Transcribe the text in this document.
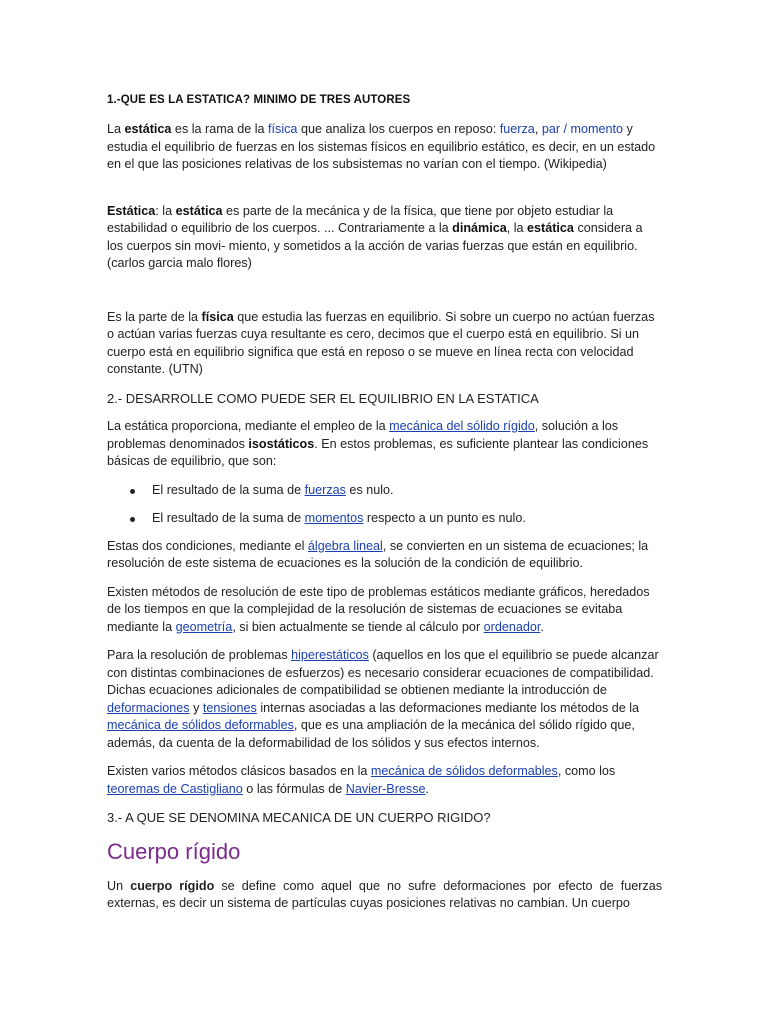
1.-QUE ES LA ESTATICA? MINIMO DE TRES AUTORES

La estática es la rama de la física que analiza los cuerpos en reposo: fuerza, par / momento y estudia el equilibrio de fuerzas en los sistemas físicos en equilibrio estático, es decir, en un estado en el que las posiciones relativas de los subsistemas no varían con el tiempo. (Wikipedia)

Estática: la estática es parte de la mecánica y de la física, que tiene por objeto estudiar la estabilidad o equilibrio de los cuerpos. ... Contrariamente a la dinámica, la estática considera a los cuerpos sin movi- miento, y sometidos a la acción de varias fuerzas que están en equilibrio. (carlos garcia malo flores)

Es la parte de la física que estudia las fuerzas en equilibrio. Si sobre un cuerpo no actúan fuerzas o actúan varias fuerzas cuya resultante es cero, decimos que el cuerpo está en equilibrio. Si un cuerpo está en equilibrio significa que está en reposo o se mueve en línea recta con velocidad constante. (UTN)

2.- DESARROLLE COMO PUEDE SER EL EQUILIBRIO EN LA ESTATICA

La estática proporciona, mediante el empleo de la mecánica del sólido rígido, solución a los problemas denominados isostáticos. En estos problemas, es suficiente plantear las condiciones básicas de equilibrio, que son:

El resultado de la suma de fuerzas es nulo.
El resultado de la suma de momentos respecto a un punto es nulo.

Estas dos condiciones, mediante el álgebra lineal, se convierten en un sistema de ecuaciones; la resolución de este sistema de ecuaciones es la solución de la condición de equilibrio.

Existen métodos de resolución de este tipo de problemas estáticos mediante gráficos, heredados de los tiempos en que la complejidad de la resolución de sistemas de ecuaciones se evitaba mediante la geometría, si bien actualmente se tiende al cálculo por ordenador.

Para la resolución de problemas hiperestáticos (aquellos en los que el equilibrio se puede alcanzar con distintas combinaciones de esfuerzos) es necesario considerar ecuaciones de compatibilidad. Dichas ecuaciones adicionales de compatibilidad se obtienen mediante la introducción de deformaciones y tensiones internas asociadas a las deformaciones mediante los métodos de la mecánica de sólidos deformables, que es una ampliación de la mecánica del sólido rígido que, además, da cuenta de la deformabilidad de los sólidos y sus efectos internos.

Existen varios métodos clásicos basados en la mecánica de sólidos deformables, como los teoremas de Castigliano o las fórmulas de Navier-Bresse.

3.- A QUE SE DENOMINA MECANICA DE UN CUERPO RIGIDO?
Cuerpo rígido

Un cuerpo rígido se define como aquel que no sufre deformaciones por efecto de fuerzas externas, es decir un sistema de partículas cuyas posiciones relativas no cambian. Un cuerpo
